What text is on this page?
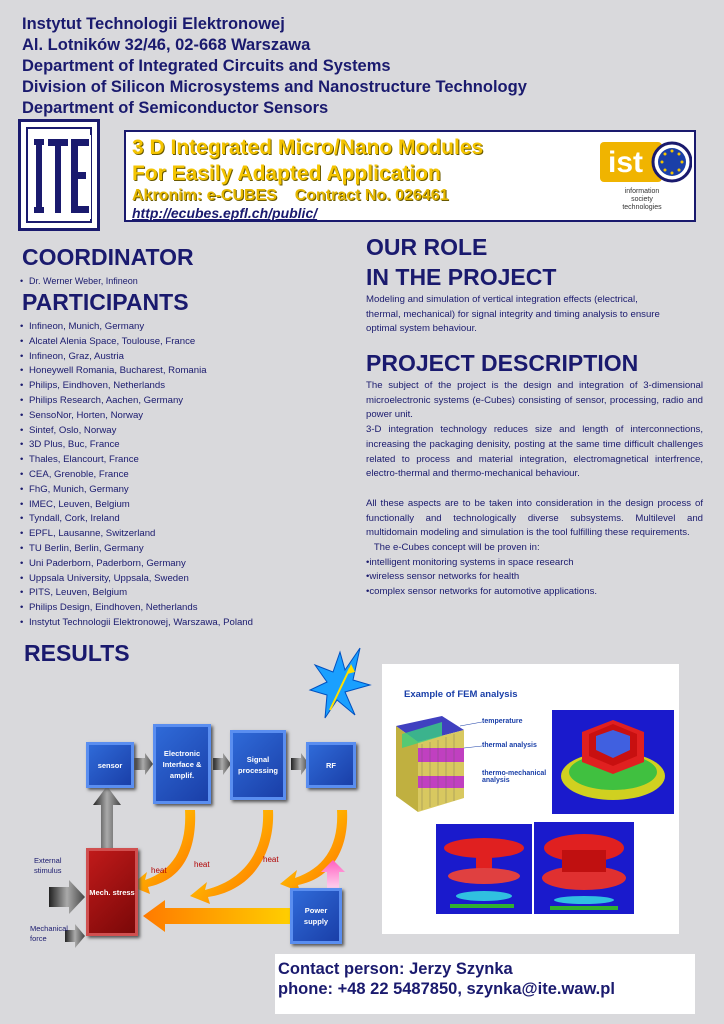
Instytut Technologii Elektronowej
Al. Lotników 32/46, 02-668 Warszawa
Department of Integrated Circuits and Systems
Division of Silicon Microsystems and Nanostructure Technology
Department of Semiconductor Sensors
3 D Integrated Micro/Nano Modules
For Easily Adapted Application
Akronim: e-CUBES    Contract No. 026461
http://ecubes.epfl.ch/public/
ist
information
society
technologies
COORDINATOR
• Dr. Werner Weber, Infineon
PARTICIPANTS
• Infineon, Munich, Germany
• Alcatel Alenia Space, Toulouse, France
• Infineon, Graz, Austria
• Honeywell Romania, Bucharest, Romania
• Philips, Eindhoven, Netherlands
• Philips Research, Aachen, Germany
• SensoNor, Horten, Norway
• Sintef, Oslo, Norway
• 3D Plus, Buc, France
• Thales, Elancourt, France
• CEA, Grenoble, France
• FhG, Munich, Germany
• IMEC, Leuven, Belgium
• Tyndall, Cork, Ireland
• EPFL, Lausanne, Switzerland
• TU Berlin, Berlin, Germany
• Uni Paderborn, Paderborn, Germany
• Uppsala University, Uppsala, Sweden
• PITS, Leuven, Belgium
• Philips Design, Eindhoven, Netherlands
• Instytut Technologii Elektronowej, Warszawa, Poland
OUR ROLE
IN THE PROJECT
Modeling and simulation of vertical integration effects (electrical, thermal, mechanical) for signal integrity and timing analysis to ensure optimal system behaviour.
PROJECT DESCRIPTION

The subject of the project is the design and integration of 3-dimensional microelectronic systems (e-Cubes) consisting of sensor, processing, radio and power unit.

3-D integration technology reduces size and length of interconnections, increasing the packaging denisity, posting at the same time difficult challenges related to process and material integration, electromagnetical interfrence, electro-thermal and thermo-mechanical behaviour.

All these aspects are to be taken into consideration in the design process of functionally and technologically diverse subsystems. Multilevel and multidomain modeling and simulation is the tool fulfilling these requirements.

The e-Cubes concept will be proven in:

•intelligent monitoring systems in space research

•wireless sensor networks for health

•complex sensor networks for automotive applications.

RESULTS
sensor
Electronic Interface & amplif.
Signal processing
RF
Mech. stress
Power supply
heat
heat
heat
External stimulus
Mechanical force
Example of FEM analysis
temperature
thermal analysis
thermo-mechanical analysis
Contact person: Jerzy Szynka
phone: +48 22 5487850, szynka@ite.waw.pl
